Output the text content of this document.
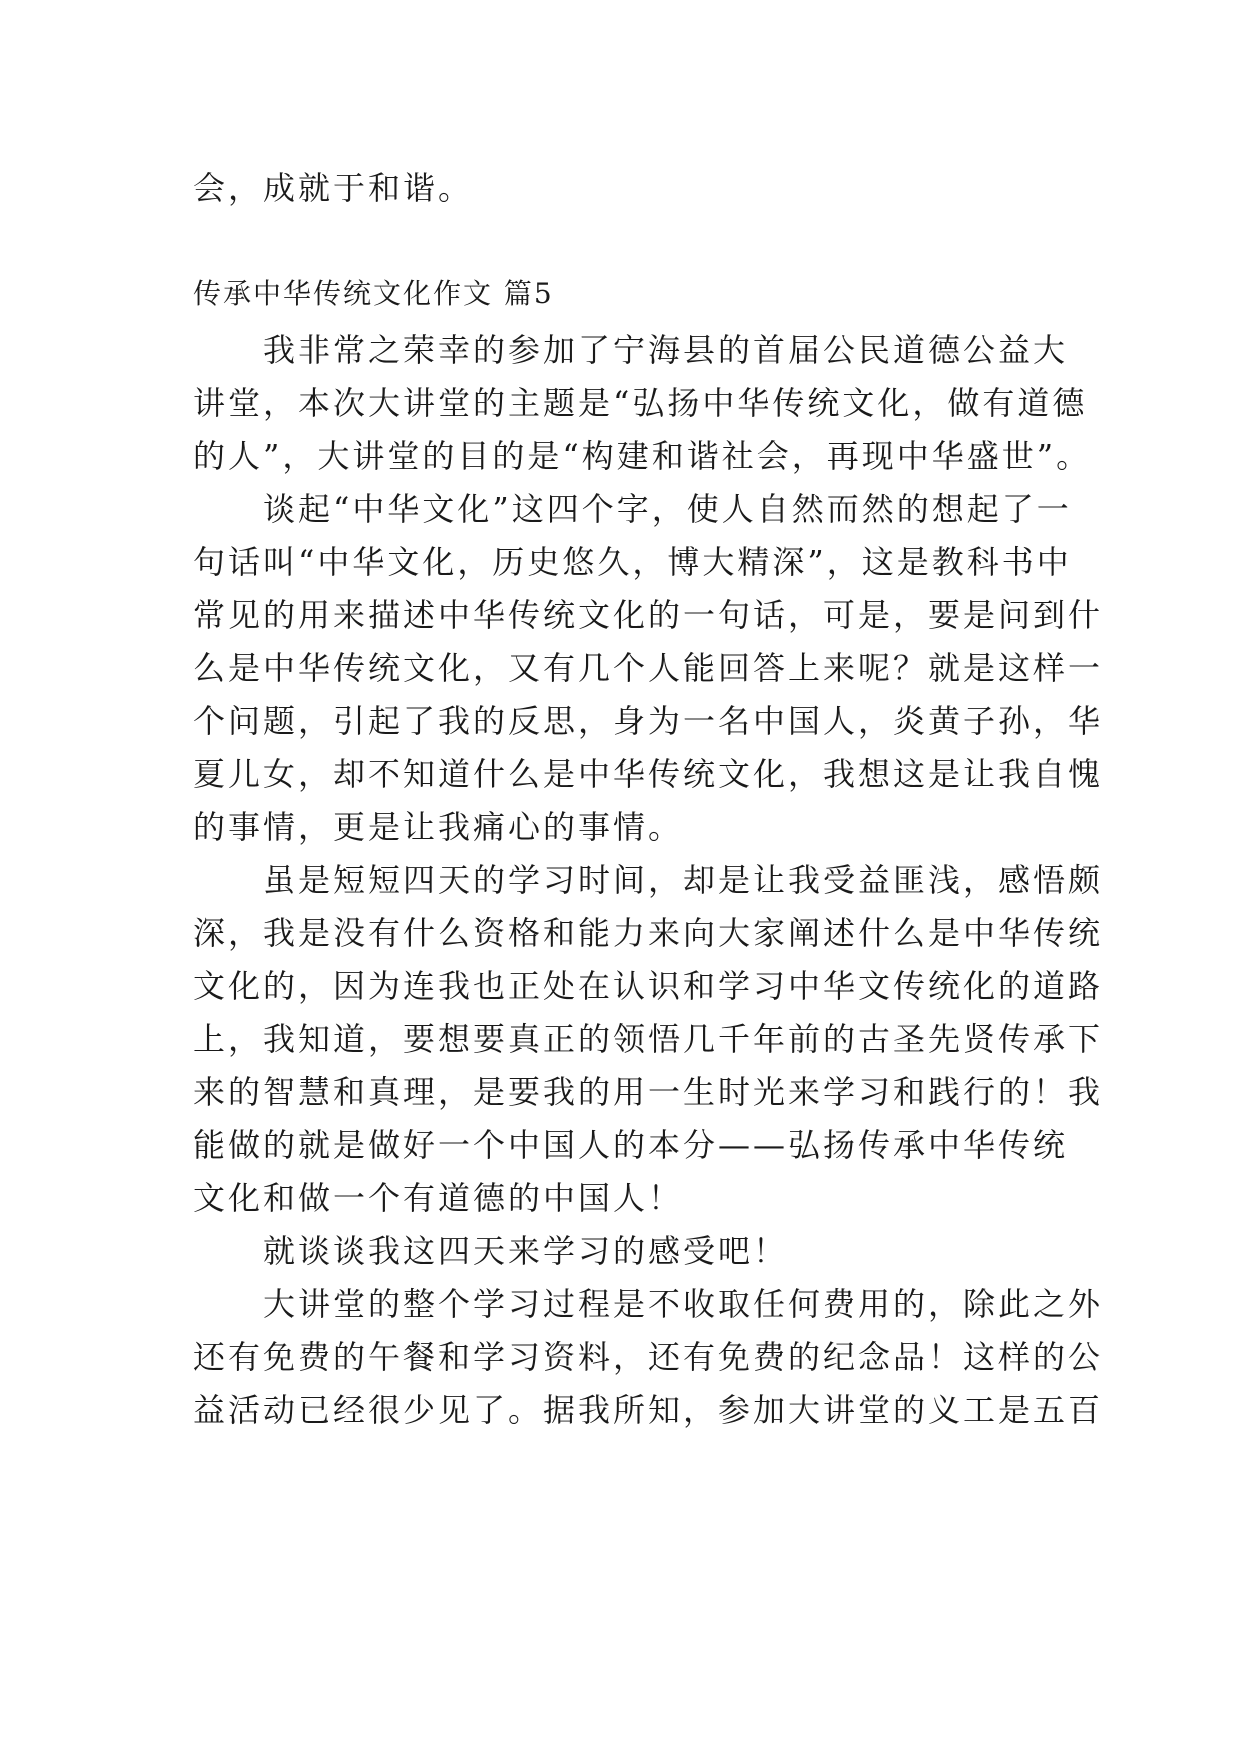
会，成就于和谐。
传承中华传统文化作文 篇5
　　我非常之荣幸的参加了宁海县的首届公民道德公益大
讲堂，本次大讲堂的主题是“弘扬中华传统文化，做有道德
的人”，大讲堂的目的是“构建和谐社会，再现中华盛世”。
　　谈起“中华文化”这四个字，使人自然而然的想起了一
句话叫“中华文化，历史悠久，博大精深”，这是教科书中
常见的用来描述中华传统文化的一句话，可是，要是问到什
么是中华传统文化，又有几个人能回答上来呢？就是这样一
个问题，引起了我的反思，身为一名中国人，炎黄子孙，华
夏儿女，却不知道什么是中华传统文化，我想这是让我自愧
的事情，更是让我痛心的事情。
　　虽是短短四天的学习时间，却是让我受益匪浅，感悟颇
深，我是没有什么资格和能力来向大家阐述什么是中华传统
文化的，因为连我也正处在认识和学习中华文传统化的道路
上，我知道，要想要真正的领悟几千年前的古圣先贤传承下
来的智慧和真理，是要我的用一生时光来学习和践行的！我
能做的就是做好一个中国人的本分——弘扬传承中华传统
文化和做一个有道德的中国人！
　　就谈谈我这四天来学习的感受吧！
　　大讲堂的整个学习过程是不收取任何费用的，除此之外
还有免费的午餐和学习资料，还有免费的纪念品！这样的公
益活动已经很少见了。据我所知，参加大讲堂的义工是五百
